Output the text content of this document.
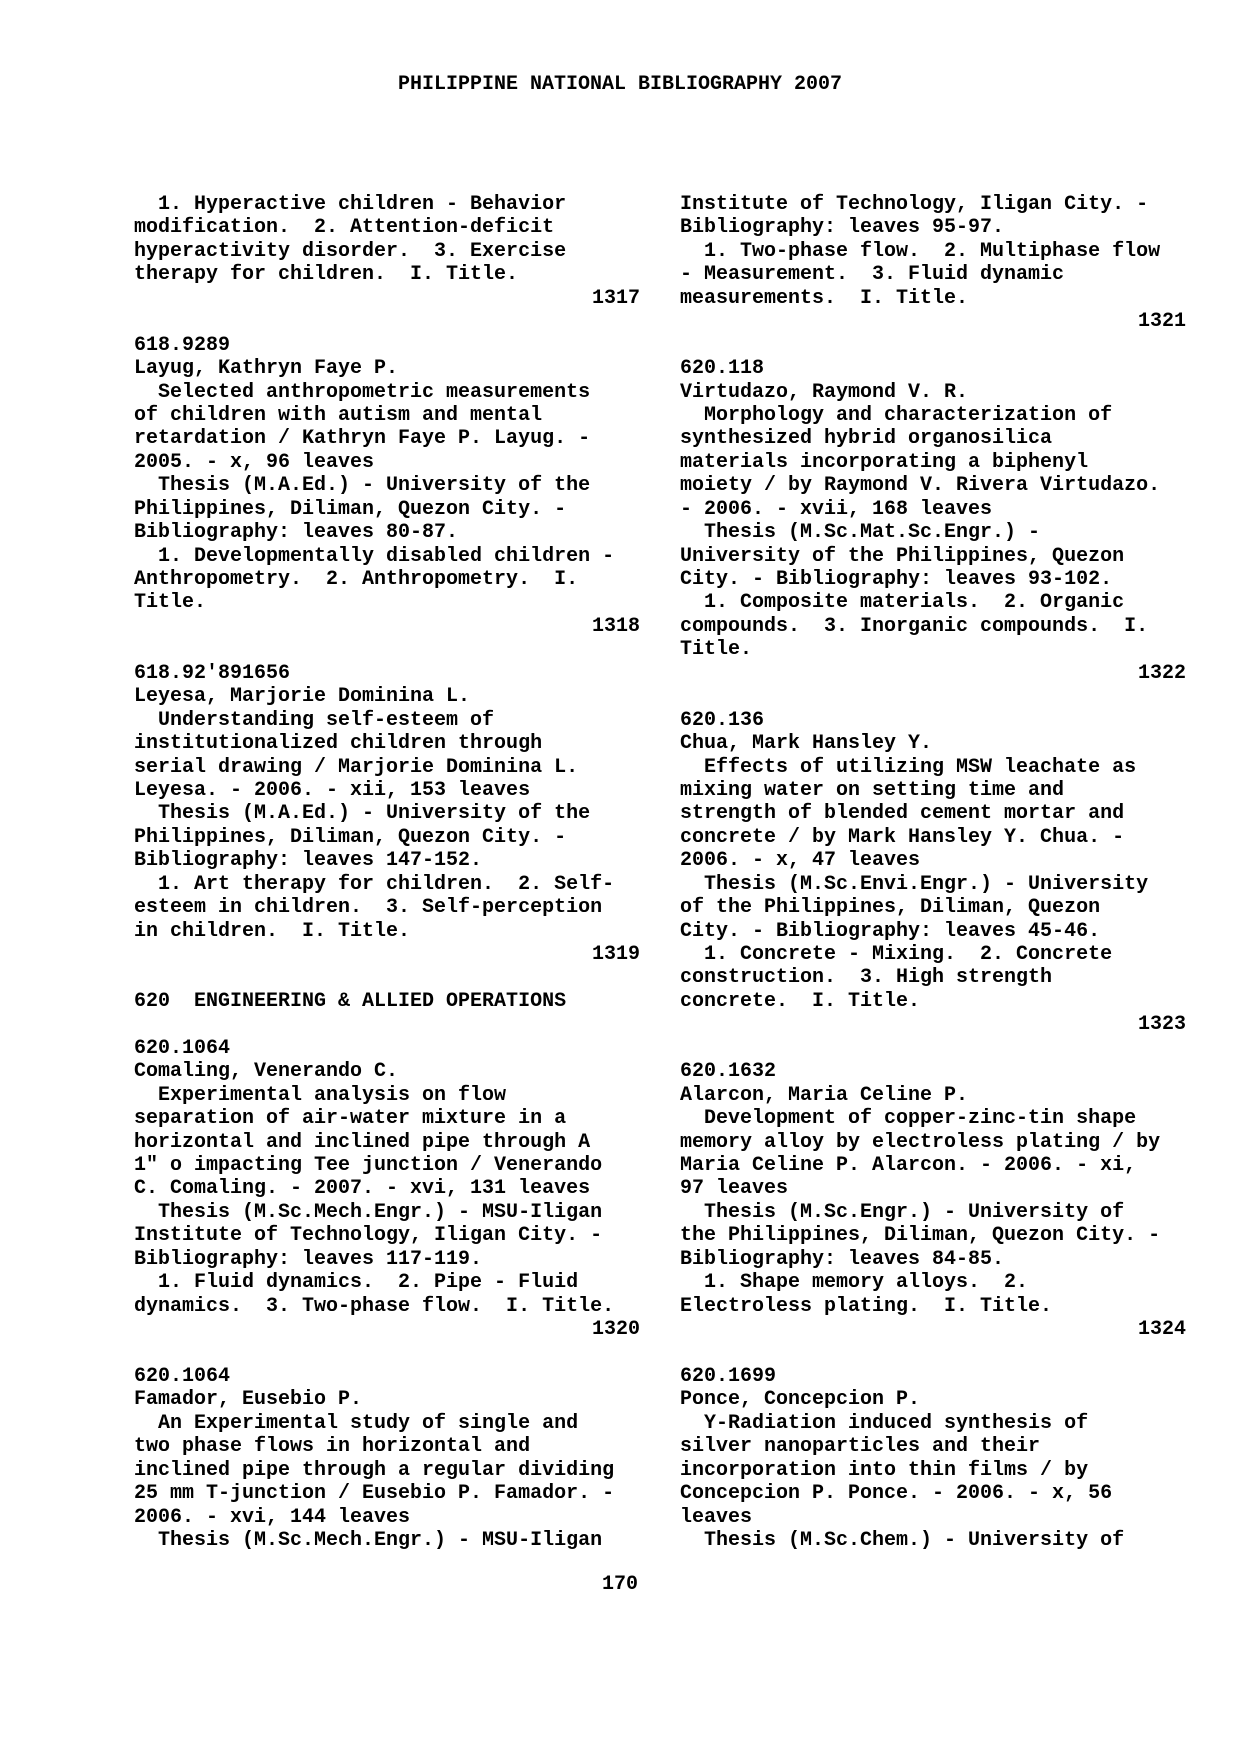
PHILIPPINE NATIONAL BIBLIOGRAPHY 2007
1. Hyperactive children - Behavior
modification.  2. Attention-deficit
hyperactivity disorder.  3. Exercise
therapy for children.  I. Title.
1317
618.9289
Layug, Kathryn Faye P.
Selected anthropometric measurements
of children with autism and mental
retardation / Kathryn Faye P. Layug. -
2005. - x, 96 leaves
Thesis (M.A.Ed.) - University of the
Philippines, Diliman, Quezon City. -
Bibliography: leaves 80-87.
1. Developmentally disabled children -
Anthropometry.  2. Anthropometry.  I.
Title.
1318
618.92'891656
Leyesa, Marjorie Dominina L.
Understanding self-esteem of
institutionalized children through
serial drawing / Marjorie Dominina L.
Leyesa. - 2006. - xii, 153 leaves
Thesis (M.A.Ed.) - University of the
Philippines, Diliman, Quezon City. -
Bibliography: leaves 147-152.
1. Art therapy for children.  2. Self-
esteem in children.  3. Self-perception
in children.  I. Title.
1319
620  ENGINEERING & ALLIED OPERATIONS
620.1064
Comaling, Venerando C.
Experimental analysis on flow
separation of air-water mixture in a
horizontal and inclined pipe through A
1" o impacting Tee junction / Venerando
C. Comaling. - 2007. - xvi, 131 leaves
Thesis (M.Sc.Mech.Engr.) - MSU-Iligan
Institute of Technology, Iligan City. -
Bibliography: leaves 117-119.
1. Fluid dynamics.  2. Pipe - Fluid
dynamics.  3. Two-phase flow.  I. Title.
1320
620.1064
Famador, Eusebio P.
An Experimental study of single and
two phase flows in horizontal and
inclined pipe through a regular dividing
25 mm T-junction / Eusebio P. Famador. -
2006. - xvi, 144 leaves
Thesis (M.Sc.Mech.Engr.) - MSU-Iligan
Institute of Technology, Iligan City. -
Bibliography: leaves 95-97.
1. Two-phase flow.  2. Multiphase flow
- Measurement.  3. Fluid dynamic
measurements.  I. Title.
1321
620.118
Virtudazo, Raymond V. R.
Morphology and characterization of
synthesized hybrid organosilica
materials incorporating a biphenyl
moiety / by Raymond V. Rivera Virtudazo.
- 2006. - xvii, 168 leaves
Thesis (M.Sc.Mat.Sc.Engr.) -
University of the Philippines, Quezon
City. - Bibliography: leaves 93-102.
1. Composite materials.  2. Organic
compounds.  3. Inorganic compounds.  I.
Title.
1322
620.136
Chua, Mark Hansley Y.
Effects of utilizing MSW leachate as
mixing water on setting time and
strength of blended cement mortar and
concrete / by Mark Hansley Y. Chua. -
2006. - x, 47 leaves
Thesis (M.Sc.Envi.Engr.) - University
of the Philippines, Diliman, Quezon
City. - Bibliography: leaves 45-46.
1. Concrete - Mixing.  2. Concrete
construction.  3. High strength
concrete.  I. Title.
1323
620.1632
Alarcon, Maria Celine P.
Development of copper-zinc-tin shape
memory alloy by electroless plating / by
Maria Celine P. Alarcon. - 2006. - xi,
97 leaves
Thesis (M.Sc.Engr.) - University of
the Philippines, Diliman, Quezon City. -
Bibliography: leaves 84-85.
1. Shape memory alloys.  2.
Electroless plating.  I. Title.
1324
620.1699
Ponce, Concepcion P.
Y-Radiation induced synthesis of
silver nanoparticles and their
incorporation into thin films / by
Concepcion P. Ponce. - 2006. - x, 56
leaves
Thesis (M.Sc.Chem.) - University of
170
